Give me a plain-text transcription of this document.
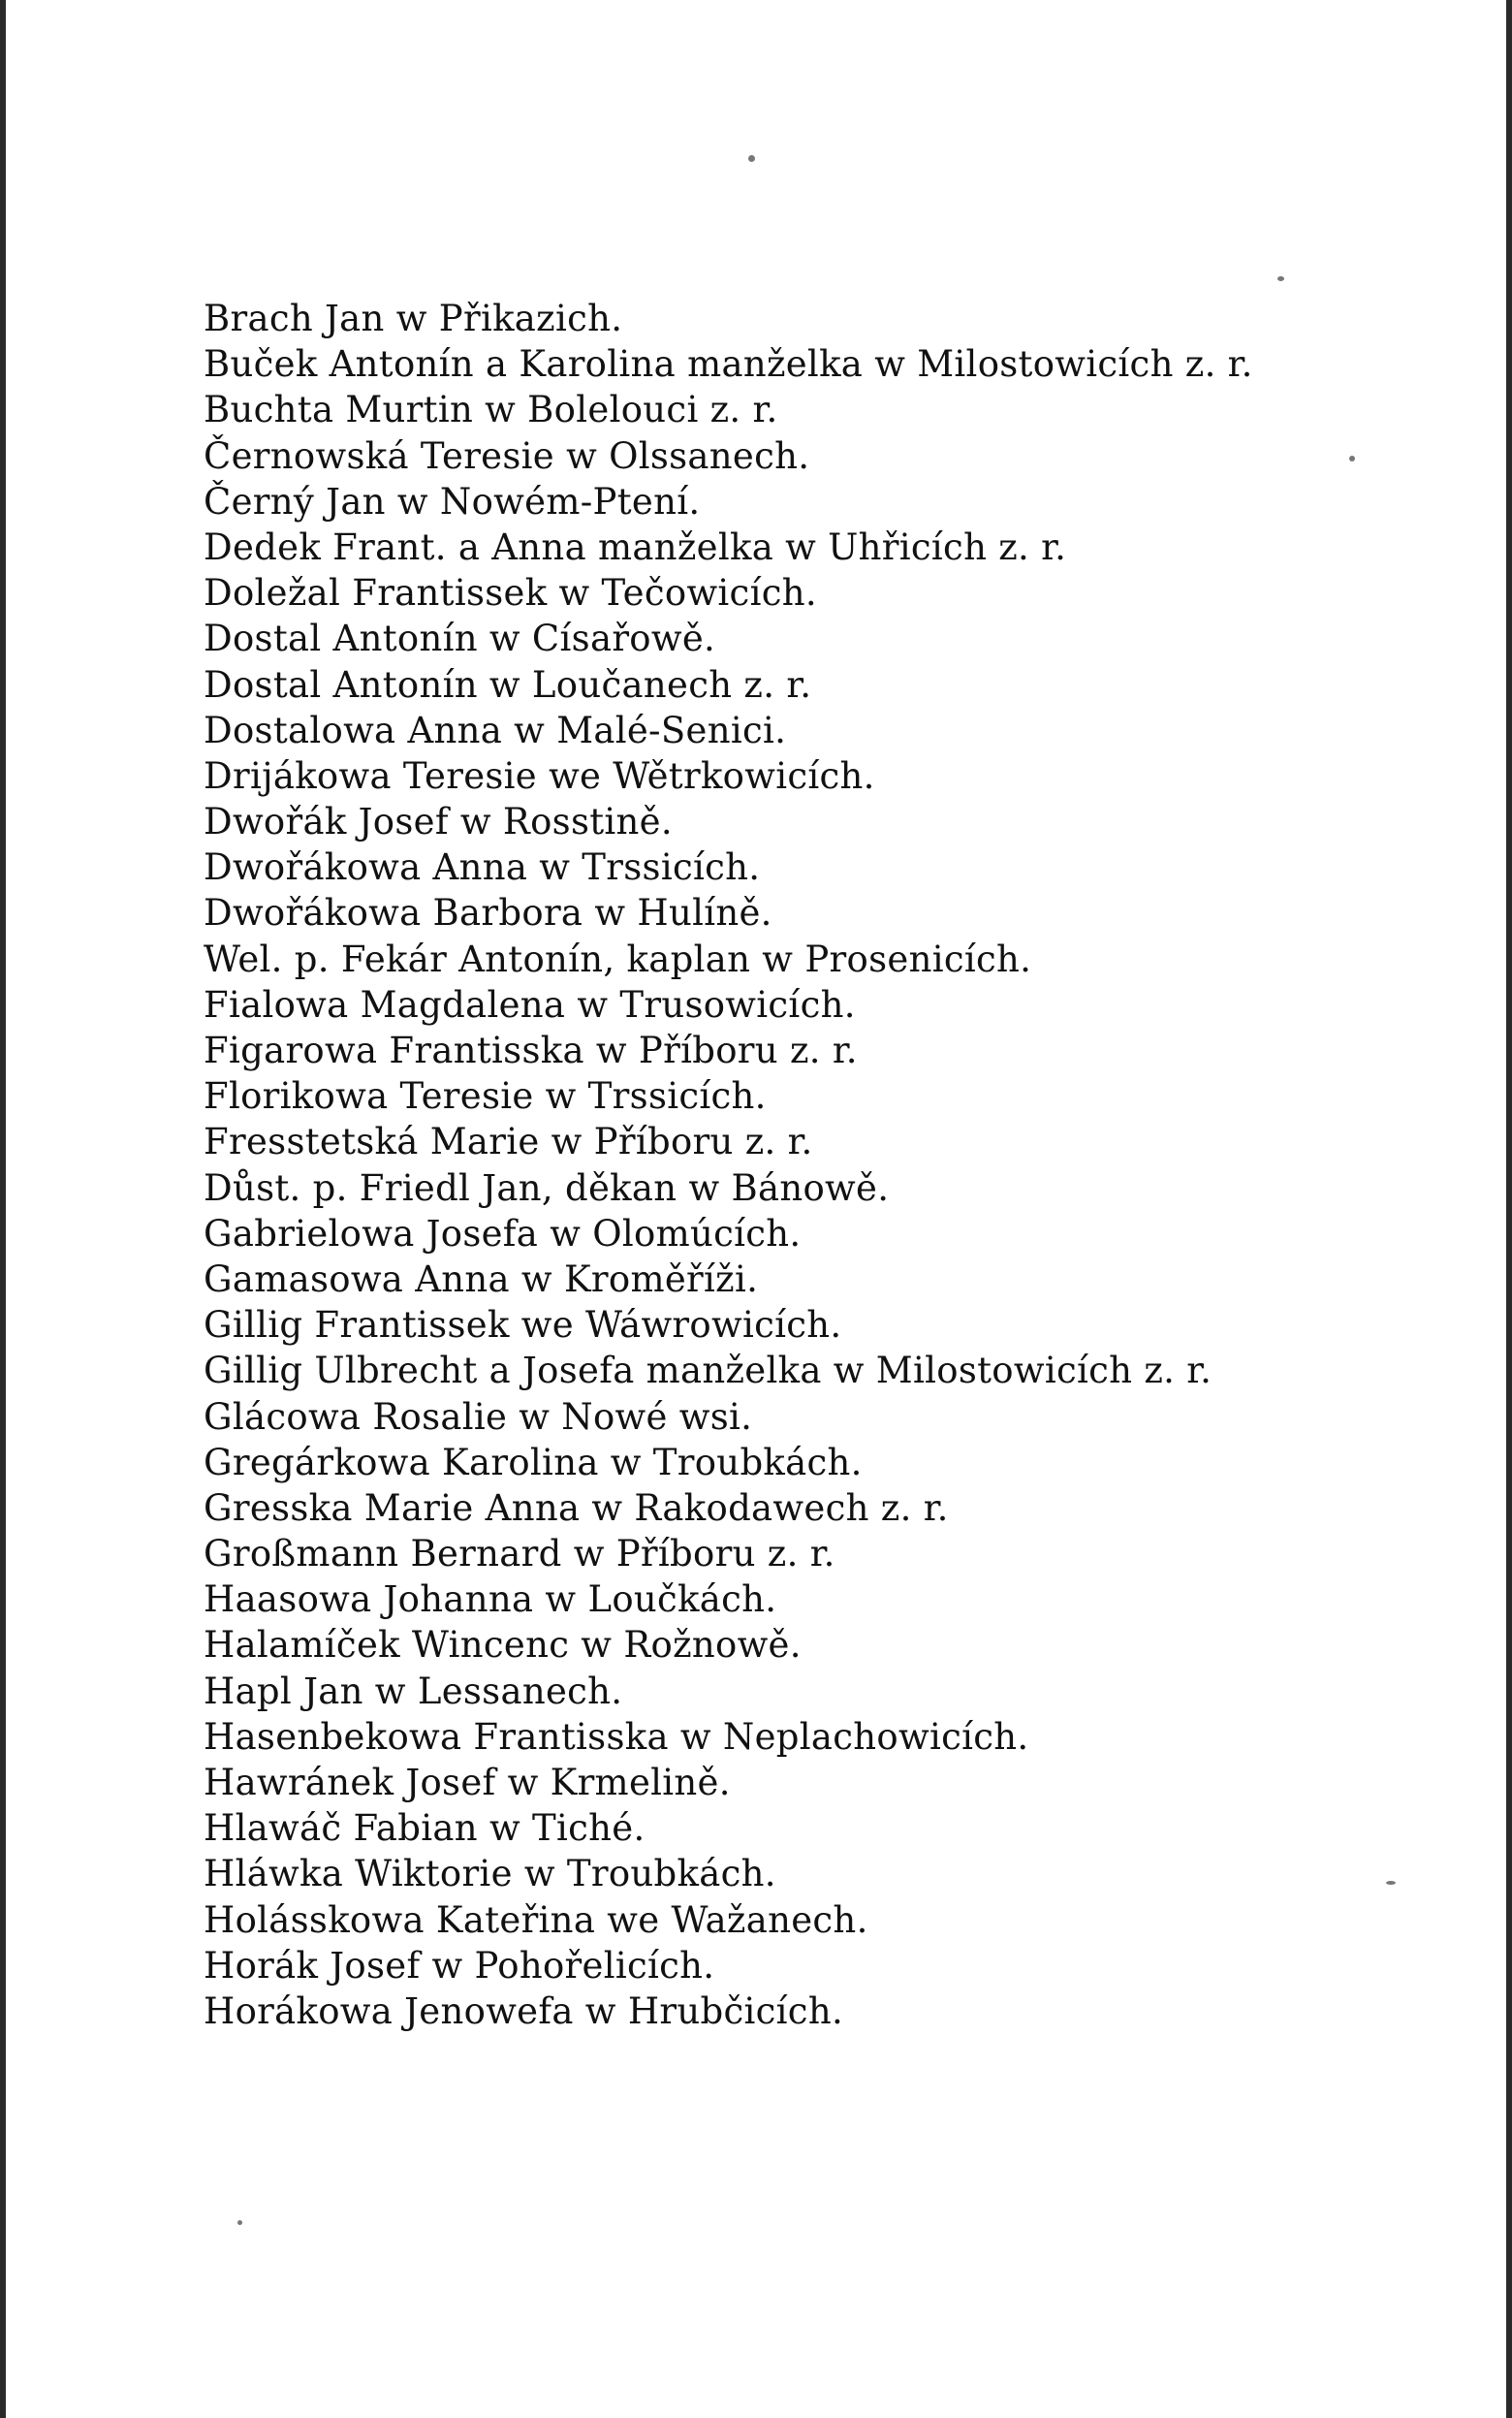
Brach Jan w Přikazich.
Buček Antonín a Karolina manželka w Milostowicích z. r.
Buchta Murtin w Bolelouci z. r.
Černowská Teresie w Olssanech.
Černý Jan w Nowém-Ptení.
Dedek Frant. a Anna manželka w Uhřicích z. r.
Doležal Frantissek w Tečowicích.
Dostal Antonín w Císařowě.
Dostal Antonín w Loučanech z. r.
Dostalowa Anna w Malé-Senici.
Drijákowa Teresie we Wětrkowicích.
Dwořák Josef w Rosstině.
Dwořákowa Anna w Trssicích.
Dwořákowa Barbora w Hulíně.
Wel. p. Fekár Antonín, kaplan w Prosenicích.
Fialowa Magdalena w Trusowicích.
Figarowa Frantisska w Příboru z. r.
Florikowa Teresie w Trssicích.
Fresstetská Marie w Příboru z. r.
Důst. p. Friedl Jan, děkan w Bánowě.
Gabrielowa Josefa w Olomúcích.
Gamasowa Anna w Kroměříži.
Gillig Frantissek we Wáwrowicích.
Gillig Ulbrecht a Josefa manželka w Milostowicích z. r.
Glácowa Rosalie w Nowé wsi.
Gregárkowa Karolina w Troubkách.
Gresska Marie Anna w Rakodawech z. r.
Großmann Bernard w Příboru z. r.
Haasowa Johanna w Loučkách.
Halamíček Wincenc w Rožnowě.
Hapl Jan w Lessanech.
Hasenbekowa Frantisska w Neplachowicích.
Hawránek Josef w Krmelině.
Hlawáč Fabian w Tiché.
Hláwka Wiktorie w Troubkách.
Holásskowa Kateřina we Wažanech.
Horák Josef w Pohořelicích.
Horákowa Jenowefa w Hrubčicích.
